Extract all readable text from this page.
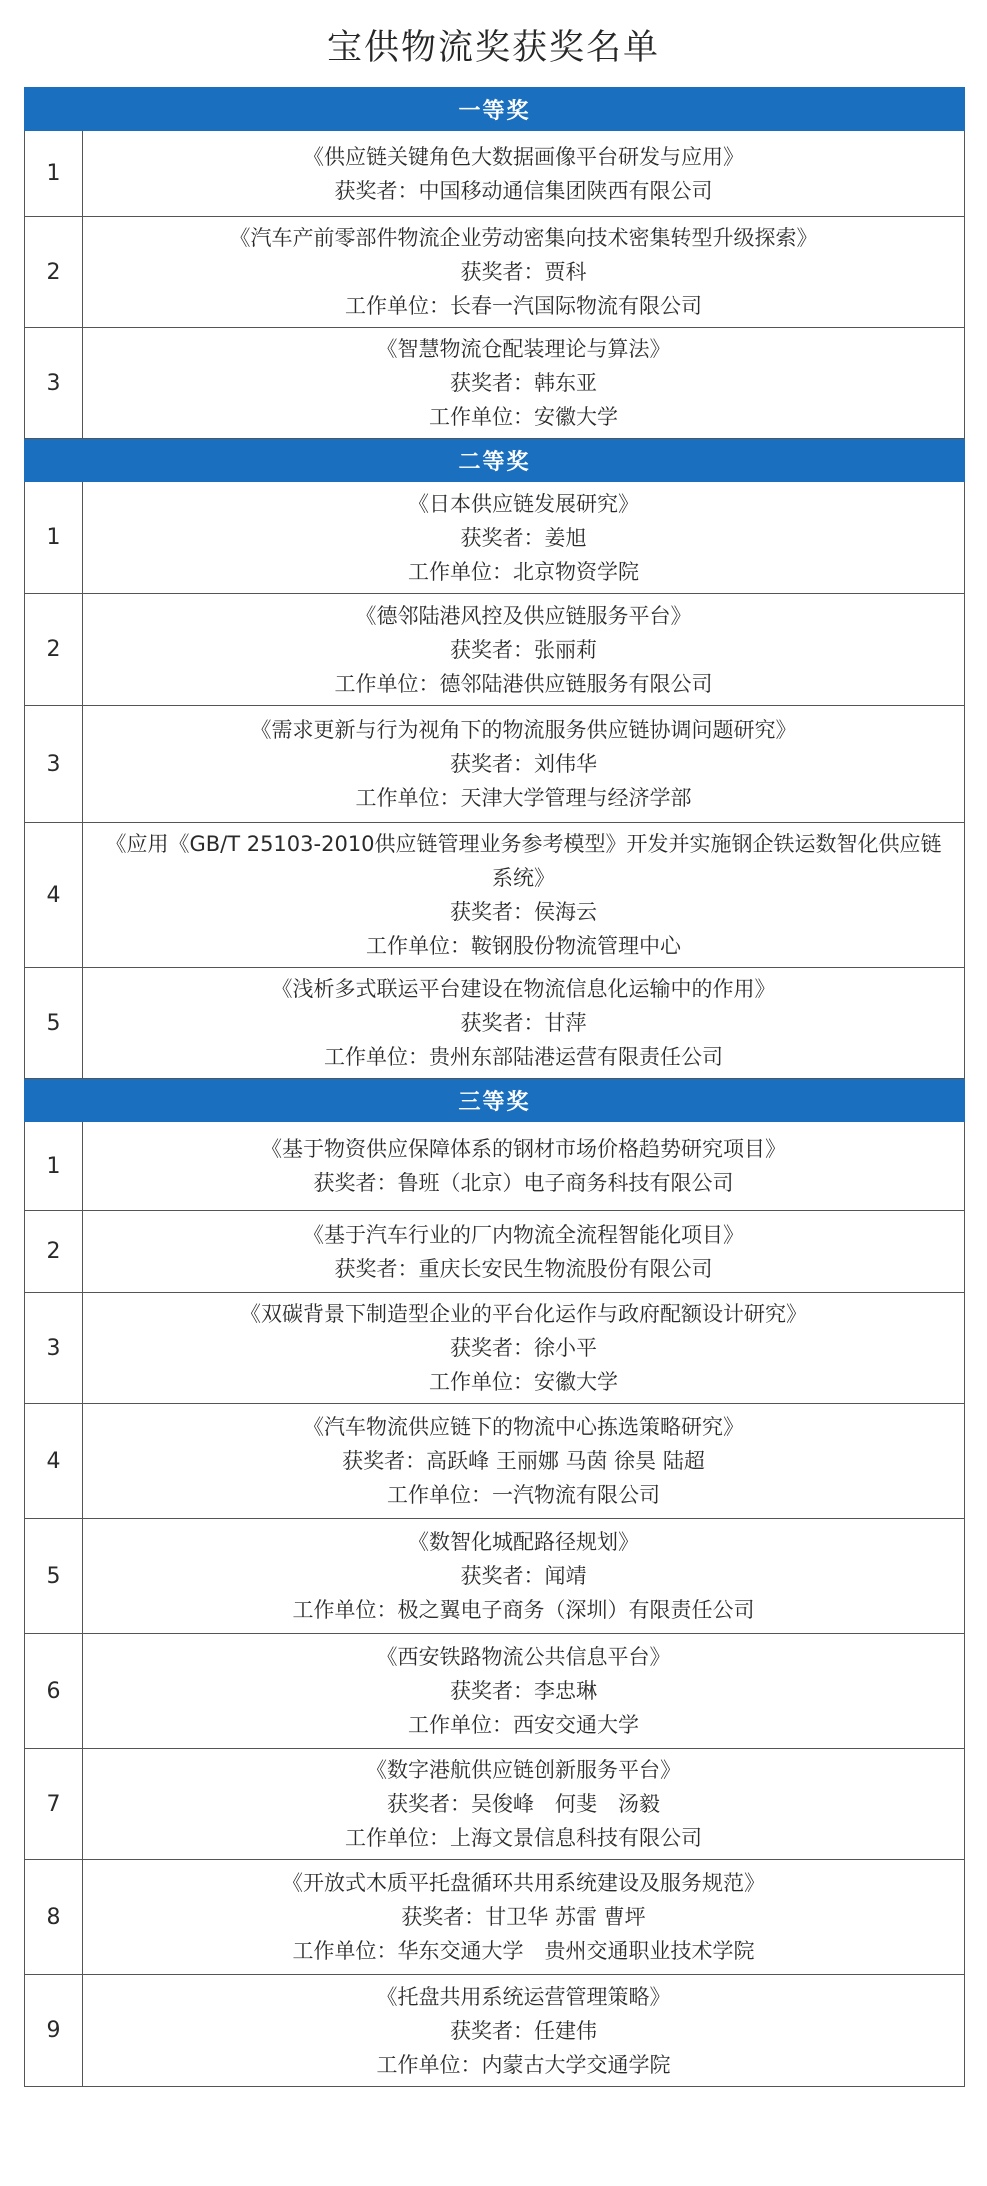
宝供物流奖获奖名单
一等奖	
1	《供应链关键角色大数据画像平台研发与应用》
获奖者：中国移动通信集团陕西有限公司

2	《汽车产前零部件物流企业劳动密集向技术密集转型升级探索》
获奖者：贾科
工作单位：长春一汽国际物流有限公司

3	《智慧物流仓配装理论与算法》
获奖者：韩东亚
工作单位：安徽大学

二等奖	
1	《日本供应链发展研究》
获奖者：姜旭
工作单位：北京物资学院

2	《德邻陆港风控及供应链服务平台》
获奖者：张丽莉
工作单位：德邻陆港供应链服务有限公司

3	《需求更新与行为视角下的物流服务供应链协调问题研究》
获奖者：刘伟华
工作单位：天津大学管理与经济学部

4	《应用《GB/T 25103-2010供应链管理业务参考模型》开发并实施钢企铁运数智化供应链系统》
获奖者：侯海云
工作单位：鞍钢股份物流管理中心

5	《浅析多式联运平台建设在物流信息化运输中的作用》
获奖者：甘萍
工作单位：贵州东部陆港运营有限责任公司

三等奖	
1	《基于物资供应保障体系的钢材市场价格趋势研究项目》
获奖者：鲁班（北京）电子商务科技有限公司

2	《基于汽车行业的厂内物流全流程智能化项目》
获奖者：重庆长安民生物流股份有限公司

3	《双碳背景下制造型企业的平台化运作与政府配额设计研究》
获奖者：徐小平
工作单位：安徽大学

4	《汽车物流供应链下的物流中心拣选策略研究》
获奖者：高跃峰 王丽娜 马茵 徐昊 陆超
工作单位：一汽物流有限公司

5	《数智化城配路径规划》
获奖者：闻靖
工作单位：极之翼电子商务（深圳）有限责任公司

6	《西安铁路物流公共信息平台》
获奖者：李忠琳
工作单位：西安交通大学

7	《数字港航供应链创新服务平台》
获奖者：吴俊峰　何斐　汤毅
工作单位：上海文景信息科技有限公司

8	《开放式木质平托盘循环共用系统建设及服务规范》
获奖者：甘卫华 苏雷 曹坪
工作单位：华东交通大学　贵州交通职业技术学院

9	《托盘共用系统运营管理策略》
获奖者：任建伟
工作单位：内蒙古大学交通学院
